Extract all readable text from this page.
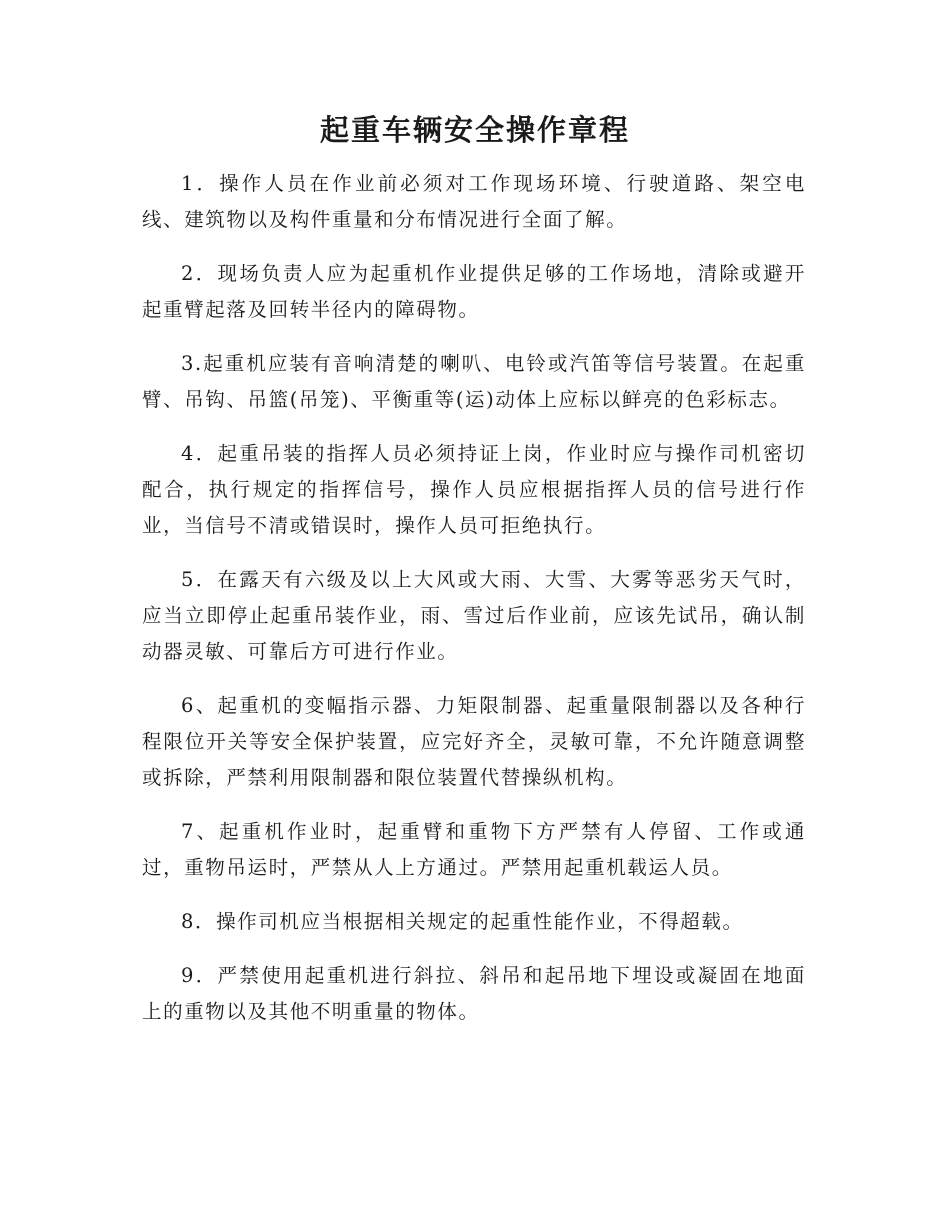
起重车辆安全操作章程

1．操作人员在作业前必须对工作现场环境、行驶道路、架空电线、建筑物以及构件重量和分布情况进行全面了解。

2．现场负责人应为起重机作业提供足够的工作场地，清除或避开起重臂起落及回转半径内的障碍物。

3.起重机应装有音响清楚的喇叭、电铃或汽笛等信号装置。在起重臂、吊钩、吊篮(吊笼)、平衡重等(运)动体上应标以鲜亮的色彩标志。

4．起重吊装的指挥人员必须持证上岗，作业时应与操作司机密切配合，执行规定的指挥信号，操作人员应根据指挥人员的信号进行作业，当信号不清或错误时，操作人员可拒绝执行。

5．在露天有六级及以上大风或大雨、大雪、大雾等恶劣天气时，应当立即停止起重吊装作业，雨、雪过后作业前，应该先试吊，确认制动器灵敏、可靠后方可进行作业。

6、起重机的变幅指示器、力矩限制器、起重量限制器以及各种行程限位开关等安全保护装置，应完好齐全，灵敏可靠，不允许随意调整或拆除，严禁利用限制器和限位装置代替操纵机构。

7、起重机作业时，起重臂和重物下方严禁有人停留、工作或通过，重物吊运时，严禁从人上方通过。严禁用起重机载运人员。

8．操作司机应当根据相关规定的起重性能作业，不得超载。

9．严禁使用起重机进行斜拉、斜吊和起吊地下埋设或凝固在地面上的重物以及其他不明重量的物体。
